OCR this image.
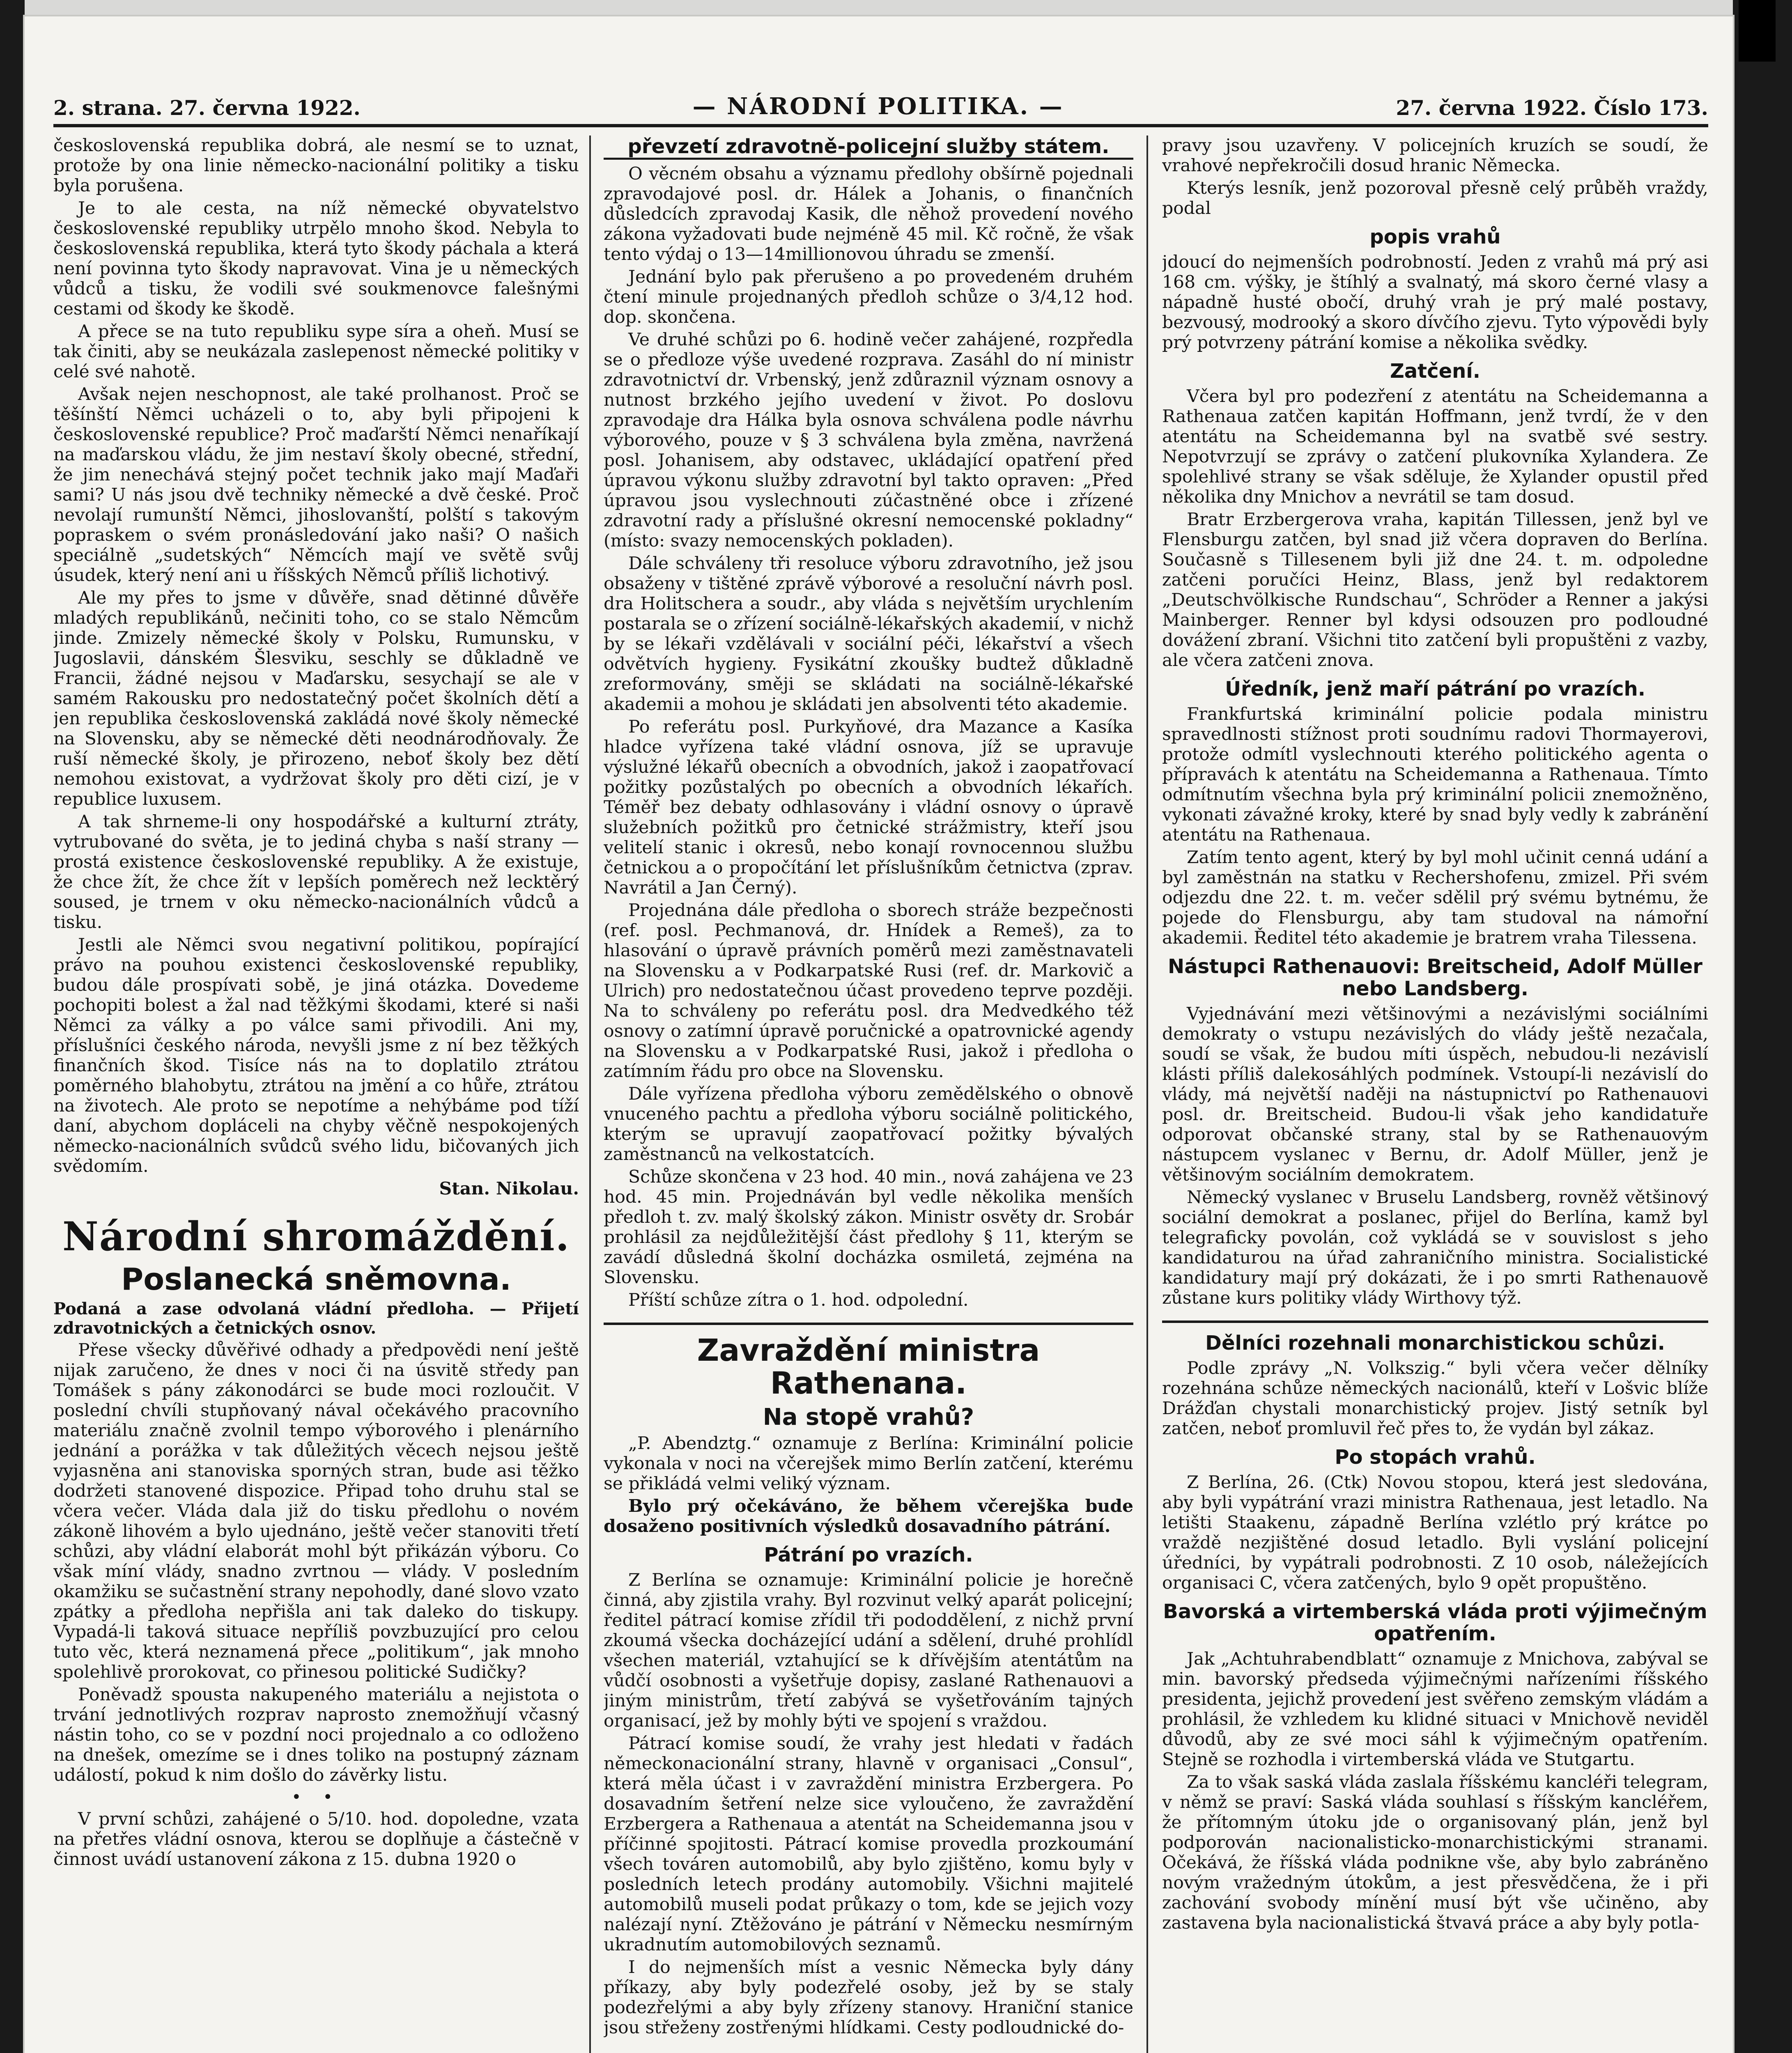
2. strana. 27. června 1922.	— NÁRODNÍ POLITIKA. —	27. června 1922. Číslo 173.

československá republika dobrá, ale nesmí se to uznat, protože by ona linie německo-nacionální politiky a tisku byla porušena.

Je to ale cesta, na níž německé obyvatelstvo československé republiky utrpělo mnoho škod. Nebyla to československá republika, která tyto škody páchala a která není povinna tyto škody napravovat. Vina je u německých vůdců a tisku, že vodili své soukmenovce falešnými cestami od škody ke škodě.

A přece se na tuto republiku sype síra a oheň. Musí se tak činiti, aby se neukázala zaslepenost německé politiky v celé své nahotě.

Avšak nejen neschopnost, ale také prolhanost. Proč se těšínští Němci ucházeli o to, aby byli připojeni k československé republice? Proč maďarští Němci nenaříkají na maďarskou vládu, že jim nestaví školy obecné, střední, že jim nenechává stejný počet technik jako mají Maďaři sami? U nás jsou dvě techniky německé a dvě české. Proč nevolají rumunští Němci, jihoslovanští, polští s takovým popraskem o svém pronásledování jako naši? O našich speciálně „sudetských“ Němcích mají ve světě svůj úsudek, který není ani u říšských Němců příliš lichotivý.

Ale my přes to jsme v důvěře, snad dětinné důvěře mladých republikánů, nečiniti toho, co se stalo Němcům jinde. Zmizely německé školy v Polsku, Rumunsku, v Jugoslavii, dánském Šlesviku, seschly se důkladně ve Francii, žádné nejsou v Maďarsku, sesychají se ale v samém Rakousku pro nedostatečný počet školních dětí a jen republika československá zakládá nové školy německé na Slovensku, aby se německé děti neodnárodňovaly. Že ruší německé školy, je přirozeno, neboť školy bez dětí nemohou existovat, a vydržovat školy pro děti cizí, je v republice luxusem.

A tak shrneme-li ony hospodářské a kulturní ztráty, vytrubované do světa, je to jediná chyba s naší strany — prostá existence československé republiky. A že existuje, že chce žít, že chce žít v lepších poměrech než lecktěrý soused, je trnem v oku německo-nacionálních vůdců a tisku.

Jestli ale Němci svou negativní politikou, popírající právo na pouhou existenci československé republiky, budou dále prospívati sobě, je jiná otázka. Dovedeme pochopiti bolest a žal nad těžkými škodami, které si naši Němci za války a po válce sami přivodili. Ani my, příslušníci českého národa, nevyšli jsme z ní bez těžkých finančních škod. Tisíce nás na to doplatilo ztrátou poměrného blahobytu, ztrátou na jmění a co hůře, ztrátou na životech. Ale proto se nepotíme a nehýbáme pod tíží daní, abychom dopláceli na chyby věčně nespokojených německo-nacionálních svůdců svého lidu, bičovaných jich svědomím.

Stan. Nikolau.

Národní shromáždění.
Poslanecká sněmovna.

Podaná a zase odvolaná vládní předloha. — Přijetí zdravotnických a četnických osnov.

Přese všecky důvěřivé odhady a předpovědi není ještě nijak zaručeno, že dnes v noci či na úsvitě středy pan Tomášek s pány zákonodárci se bude moci rozloučit. V poslední chvíli stupňovaný nával očekávého pracovního materiálu značně zvolnil tempo výborového i plenárního jednání a porážka v tak důležitých věcech nejsou ještě vyjasněna ani stanoviska sporných stran, bude asi těžko dodržeti stanovené dispozice. Připad toho druhu stal se včera večer. Vláda dala již do tisku předlohu o novém zákoně lihovém a bylo ujednáno, ještě večer stanoviti třetí schůzi, aby vládní elaborát mohl být přikázán výboru. Co však míní vlády, snadno zvrtnou — vlády. V posledním okamžiku se sučastnění strany nepohodly, dané slovo vzato zpátky a předloha nepřišla ani tak daleko do tiskupy. Vypadá-li taková situace nepříliš povzbuzující pro celou tuto věc, která neznamená přece „politikum“, jak mnoho spolehlivě prorokovat, co přinesou politické Sudičky?

Poněvadž spousta nakupeného materiálu a nejistota o trvání jednotlivých rozprav naprosto znemožňují včasný nástin toho, co se v pozdní noci projednalo a co odloženo na dnešek, omezíme se i dnes toliko na postupný záznam událostí, pokud k nim došlo do závěrky listu.

• •

V první schůzi, zahájené o 5/10. hod. dopoledne, vzata na přetřes vládní osnova, kterou se doplňuje a částečně v činnost uvádí ustanovení zákona z 15. dubna 1920 o

převzetí zdravotně-policejní služby státem.

O věcném obsahu a významu předlohy obšírně pojednali zpravodajové posl. dr. Hálek a Johanis, o finančních důsledcích zpravodaj Kasik, dle něhož provedení nového zákona vyžadovati bude nejméně 45 mil. Kč ročně, že však tento výdaj o 13—14millionovou úhradu se zmenší.

Jednání bylo pak přerušeno a po provedeném druhém čtení minule projednaných předloh schůze o 3/4,12 hod. dop. skončena.

Ve druhé schůzi po 6. hodině večer zahájené, rozpředla se o předloze výše uvedené rozprava. Zasáhl do ní ministr zdravotnictví dr. Vrbenský, jenž zdůraznil význam osnovy a nutnost brzkého jejího uvedení v život. Po doslovu zpravodaje dra Hálka byla osnova schválena podle návrhu výborového, pouze v § 3 schválena byla změna, navržená posl. Johanisem, aby odstavec, ukládající opatření před úpravou výkonu služby zdravotní byl takto opraven: „Před úpravou jsou vyslechnouti zúčastněné obce i zřízené zdravotní rady a příslušné okresní nemocenské pokladny“ (místo: svazy nemocenských pokladen).

Dále schváleny tři resoluce výboru zdravotního, jež jsou obsaženy v tištěné zprávě výborové a resoluční návrh posl. dra Holitschera a soudr., aby vláda s největším urychlením postarala se o zřízení sociálně-lékařských akademií, v nichž by se lékaři vzdělávali v sociální péči, lékařství a všech odvětvích hygieny. Fysikátní zkoušky budtež důkladně zreformovány, směji se skládati na sociálně-lékařské akademii a mohou je skládati jen absolventi této akademie.

Po referátu posl. Purkyňové, dra Mazance a Kasíka hladce vyřízena také vládní osnova, jíž se upravuje výslužné lékařů obecních a obvodních, jakož i zaopatřovací požitky pozůstalých po obecních a obvodních lékařích. Téměř bez debaty odhlasovány i vládní osnovy o úpravě služebních požitků pro četnické strážmistry, kteří jsou velitelí stanic i okresů, nebo konají rovnocennou službu četnickou a o propočítání let příslušníkům četnictva (zprav. Navrátil a Jan Černý).

Projednána dále předloha o sborech stráže bezpečnosti (ref. posl. Pechmanová, dr. Hnídek a Remeš), za to hlasování o úpravě právních poměrů mezi zaměstnavateli na Slovensku a v Podkarpatské Rusi (ref. dr. Markovič a Ulrich) pro nedostatečnou účast provedeno teprve později. Na to schváleny po referátu posl. dra Medvedkého též osnovy o zatímní úpravě poručnické a opatrovnické agendy na Slovensku a v Podkarpatské Rusi, jakož i předloha o zatímním řádu pro obce na Slovensku.

Dále vyřízena předloha výboru zemědělského o obnově vnuceného pachtu a předloha výboru sociálně politického, kterým se upravují zaopatřovací požitky bývalých zaměstnanců na velkostatcích.

Schůze skončena v 23 hod. 40 min., nová zahájena ve 23 hod. 45 min. Projednáván byl vedle několika menších předloh t. zv. malý školský zákon. Ministr osvěty dr. Srobár prohlásil za nejdůležitější část předlohy § 11, kterým se zavádí důsledná školní docházka osmiletá, zejména na Slovensku.

Příští schůze zítra o 1. hod. odpolední.

Zavraždění ministra Rathenana.
Na stopě vrahů?

„P. Abendztg.“ oznamuje z Berlína: Kriminální policie vykonala v noci na včerejšek mimo Berlín zatčení, kterému se přikládá velmi veliký význam.

Bylo prý očekáváno, že během včerejška bude dosaženo positivních výsledků dosavadního pátrání.

Pátrání po vrazích.

Z Berlína se oznamuje: Kriminální policie je horečně činná, aby zjistila vrahy. Byl rozvinut velký aparát policejní; ředitel pátrací komise zřídil tři pododdělení, z nichž první zkoumá všecka docházející udání a sdělení, druhé prohlídl všechen materiál, vztahující se k dřívějším atentátům na vůdčí osobnosti a vyšetřuje dopisy, zaslané Rathenauovi a jiným ministrům, třetí zabývá se vyšetřováním tajných organisací, jež by mohly býti ve spojení s vraždou.

Pátrací komise soudí, že vrahy jest hledati v řadách německonacionální strany, hlavně v organisaci „Consul“, která měla účast i v zavraždění ministra Erzbergera. Po dosavadním šetření nelze sice vyloučeno, že zavraždění Erzbergera a Rathenaua a atentát na Scheidemanna jsou v příčinné spojitosti. Pátrací komise provedla prozkoumání všech továren automobilů, aby bylo zjištěno, komu byly v posledních letech prodány automobily. Všichni majitelé automobilů museli podat průkazy o tom, kde se jejich vozy nalézají nyní. Ztěžováno je pátrání v Německu nesmírným ukradnutím automobilových seznamů.

I do nejmenších míst a vesnic Německa byly dány příkazy, aby byly podezřelé osoby, jež by se staly podezřelými a aby byly zřízeny stanovy. Hraniční stanice jsou střeženy zostřenými hlídkami. Cesty podloudnické do-

pravy jsou uzavřeny. V policejních kruzích se soudí, že vrahové nepřekročili dosud hranic Německa.

Kterýs lesník, jenž pozoroval přesně celý průběh vraždy, podal

popis vrahů

jdoucí do nejmenších podrobností. Jeden z vrahů má prý asi 168 cm. výšky, je štíhlý a svalnatý, má skoro černé vlasy a nápadně husté obočí, druhý vrah je prý malé postavy, bezvousý, modrooký a skoro dívčího zjevu. Tyto výpovědi byly prý potvrzeny pátrání komise a několika svědky.

Zatčení.

Včera byl pro podezření z atentátu na Scheidemanna a Rathenaua zatčen kapitán Hoffmann, jenž tvrdí, že v den atentátu na Scheidemanna byl na svatbě své sestry. Nepotvrzují se zprávy o zatčení plukovníka Xylandera. Ze spolehlivé strany se však sděluje, že Xylander opustil před několika dny Mnichov a nevrátil se tam dosud.

Bratr Erzbergerova vraha, kapitán Tillessen, jenž byl ve Flensburgu zatčen, byl snad již včera dopraven do Berlína. Současně s Tillesenem byli již dne 24. t. m. odpoledne zatčeni poručíci Heinz, Blass, jenž byl redaktorem „Deutschvölkische Rundschau“, Schröder a Renner a jakýsi Mainberger. Renner byl kdysi odsouzen pro podloudné dovážení zbraní. Všichni tito zatčení byli propuštěni z vazby, ale včera zatčeni znova.

Úředník, jenž maří pátrání po vrazích.

Frankfurtská kriminální policie podala ministru spravedlnosti stížnost proti soudnímu radovi Thormayerovi, protože odmítl vyslechnouti kterého politického agenta o přípravách k atentátu na Scheidemanna a Rathenaua. Tímto odmítnutím všechna byla prý kriminální policii znemožněno, vykonati závažné kroky, které by snad byly vedly k zabránění atentátu na Rathenaua.

Zatím tento agent, který by byl mohl učinit cenná udání a byl zaměstnán na statku v Rechershofenu, zmizel. Při svém odjezdu dne 22. t. m. večer sdělil prý svému bytnému, že pojede do Flensburgu, aby tam studoval na námořní akademii. Ředitel této akademie je bratrem vraha Tilessena.

Nástupci Rathenauovi: Breitscheid, Adolf Müller nebo Landsberg.

Vyjednávání mezi většinovými a nezávislými sociálními demokraty o vstupu nezávislých do vlády ještě nezačala, soudí se však, že budou míti úspěch, nebudou-li nezávislí klásti příliš dalekosáhlých podmínek. Vstoupí-li nezávislí do vlády, má největší naději na nástupnictví po Rathenauovi posl. dr. Breitscheid. Budou-li však jeho kandidatuře odporovat občanské strany, stal by se Rathenauovým nástupcem vyslanec v Bernu, dr. Adolf Müller, jenž je většinovým sociálním demokratem.

Německý vyslanec v Bruselu Landsberg, rovněž většinový sociální demokrat a poslanec, přijel do Berlína, kamž byl telegraficky povolán, což vykládá se v souvislost s jeho kandidaturou na úřad zahraničního ministra. Socialistické kandidatury mají prý dokázati, že i po smrti Rathenauově zůstane kurs politiky vlády Wirthovy týž.

Dělníci rozehnali monarchistickou schůzi.

Podle zprávy „N. Volkszig.“ byli včera večer dělníky rozehnána schůze německých nacionálů, kteří v Lošvic blíže Drážďan chystali monarchistický projev. Jistý setník byl zatčen, neboť promluvil řeč přes to, že vydán byl zákaz.

Po stopách vrahů.

Z Berlína, 26. (Ctk) Novou stopou, která jest sledována, aby byli vypátrání vrazi ministra Rathenaua, jest letadlo. Na letišti Staakenu, západně Berlína vzlétlo prý krátce po vraždě nezjištěné dosud letadlo. Byli vyslání policejní úředníci, by vypátrali podrobnosti. Z 10 osob, náležejících organisaci C, včera zatčených, bylo 9 opět propuštěno.

Bavorská a virtemberská vláda proti výjimečným opatřením.

Jak „Achtuhrabendblatt“ oznamuje z Mnichova, zabýval se min. bavorský předseda výjimečnými nařízeními říšského presidenta, jejichž provedení jest svěřeno zemským vládám a prohlásil, že vzhledem ku klidné situaci v Mnichově neviděl důvodů, aby ze své moci sáhl k výjimečným opatřením. Stejně se rozhodla i virtemberská vláda ve Stutgartu.

Za to však saská vláda zaslala říšskému kancléři telegram, v němž se praví: Saská vláda souhlasí s říšským kancléřem, že přítomným útoku jde o organisovaný plán, jenž byl podporován nacionalisticko-monarchistickými stranami. Očekává, že říšská vláda podnikne vše, aby bylo zabráněno novým vražedným útokům, a jest přesvědčena, že i při zachování svobody mínění musí být vše učiněno, aby zastavena byla nacionalistická štvavá práce a aby byly potla-
